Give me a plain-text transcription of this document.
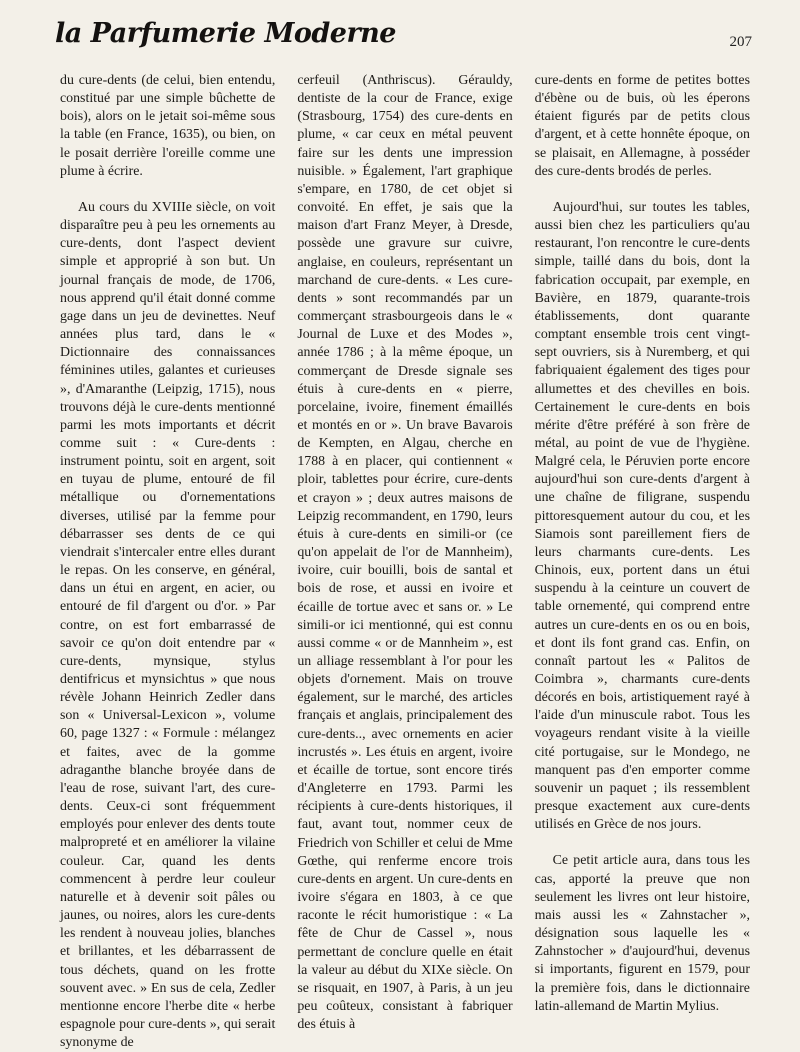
la Parfumerie Moderne	207

du cure-dents (de celui, bien entendu, constitué par une simple bûchette de bois), alors on le jetait soi-même sous la table (en France, 1635), ou bien, on le posait derrière l'oreille comme une plume à écrire.

Au cours du XVIIIe siècle, on voit disparaître peu à peu les ornements au cure-dents, dont l'aspect devient simple et approprié à son but. Un journal français de mode, de 1706, nous apprend qu'il était donné comme gage dans un jeu de devinettes. Neuf années plus tard, dans le « Dictionnaire des connaissances féminines utiles, galantes et curieuses », d'Amaranthe (Leipzig, 1715), nous trouvons déjà le cure-dents mentionné parmi les mots importants et décrit comme suit : « Cure-dents : instrument pointu, soit en argent, soit en tuyau de plume, entouré de fil métallique ou d'ornementations diverses, utilisé par la femme pour débarrasser ses dents de ce qui viendrait s'intercaler entre elles durant le repas. On les conserve, en général, dans un étui en argent, en acier, ou entouré de fil d'argent ou d'or. » Par contre, on est fort embarrassé de savoir ce qu'on doit entendre par « cure-dents, mynsique, stylus dentifricus et mynsichtus » que nous révèle Johann Heinrich Zedler dans son « Universal-Lexicon », volume 60, page 1327 : « Formule : mélangez et faites, avec de la gomme adraganthe blanche broyée dans de l'eau de rose, suivant l'art, des cure-dents. Ceux-ci sont fréquemment employés pour enlever des dents toute malpropreté et en améliorer la vilaine couleur. Car, quand les dents commencent à perdre leur couleur naturelle et à devenir soit pâles ou jaunes, ou noires, alors les cure-dents les rendent à nouveau jolies, blanches et brillantes, et les débarrassent de tous déchets, quand on les frotte souvent avec. » En sus de cela, Zedler mentionne encore l'herbe dite « herbe espagnole pour cure-dents », qui serait synonyme de

cerfeuil (Anthriscus). Gérauldy, dentiste de la cour de France, exige (Strasbourg, 1754) des cure-dents en plume, « car ceux en métal peuvent faire sur les dents une impression nuisible. » Également, l'art graphique s'empare, en 1780, de cet objet si convoité. En effet, je sais que la maison d'art Franz Meyer, à Dresde, possède une gravure sur cuivre, anglaise, en couleurs, représentant un marchand de cure-dents. « Les cure-dents » sont recommandés par un commerçant strasbourgeois dans le « Journal de Luxe et des Modes », année 1786 ; à la même époque, un commerçant de Dresde signale ses étuis à cure-dents en « pierre, porcelaine, ivoire, finement émaillés et montés en or ». Un brave Bavarois de Kempten, en Algau, cherche en 1788 à en placer, qui contiennent « ploir, tablettes pour écrire, cure-dents et crayon » ; deux autres maisons de Leipzig recommandent, en 1790, leurs étuis à cure-dents en simili-or (ce qu'on appelait de l'or de Mannheim), ivoire, cuir bouilli, bois de santal et bois de rose, et aussi en ivoire et écaille de tortue avec et sans or. » Le simili-or ici mentionné, qui est connu aussi comme « or de Mannheim », est un alliage ressemblant à l'or pour les objets d'ornement. Mais on trouve également, sur le marché, des articles français et anglais, principalement des cure-dents.., avec ornements en acier incrustés ». Les étuis en argent, ivoire et écaille de tortue, sont encore tirés d'Angleterre en 1793. Parmi les récipients à cure-dents historiques, il faut, avant tout, nommer ceux de Friedrich von Schiller et celui de Mme Gœthe, qui renferme encore trois cure-dents en argent. Un cure-dents en ivoire s'égara en 1803, à ce que raconte le récit humoristique : « La fête de Chur de Cassel », nous permettant de conclure quelle en était la valeur au début du XIXe siècle. On se risquait, en 1907, à Paris, à un jeu peu coûteux, consistant à fabriquer des étuis à

cure-dents en forme de petites bottes d'ébène ou de buis, où les éperons étaient figurés par de petits clous d'argent, et à cette honnête époque, on se plaisait, en Allemagne, à posséder des cure-dents brodés de perles.

Aujourd'hui, sur toutes les tables, aussi bien chez les particuliers qu'au restaurant, l'on rencontre le cure-dents simple, taillé dans du bois, dont la fabrication occupait, par exemple, en Bavière, en 1879, quarante-trois établissements, dont quarante comptant ensemble trois cent vingt-sept ouvriers, sis à Nuremberg, et qui fabriquaient également des tiges pour allumettes et des chevilles en bois. Certainement le cure-dents en bois mérite d'être préféré à son frère de métal, au point de vue de l'hygiène. Malgré cela, le Péruvien porte encore aujourd'hui son cure-dents d'argent à une chaîne de filigrane, suspendu pittoresquement autour du cou, et les Siamois sont pareillement fiers de leurs charmants cure-dents. Les Chinois, eux, portent dans un étui suspendu à la ceinture un couvert de table ornementé, qui comprend entre autres un cure-dents en os ou en bois, et dont ils font grand cas. Enfin, on connaît partout les « Palitos de Coimbra », charmants cure-dents décorés en bois, artistiquement rayé à l'aide d'un minuscule rabot. Tous les voyageurs rendant visite à la vieille cité portugaise, sur le Mondego, ne manquent pas d'en emporter comme souvenir un paquet ; ils ressemblent presque exactement aux cure-dents utilisés en Grèce de nos jours.

Ce petit article aura, dans tous les cas, apporté la preuve que non seulement les livres ont leur histoire, mais aussi les « Zahnstacher », désignation sous laquelle les « Zahnstocher » d'aujourd'hui, devenus si importants, figurent en 1579, pour la première fois, dans le dictionnaire latin-allemand de Martin Mylius.
